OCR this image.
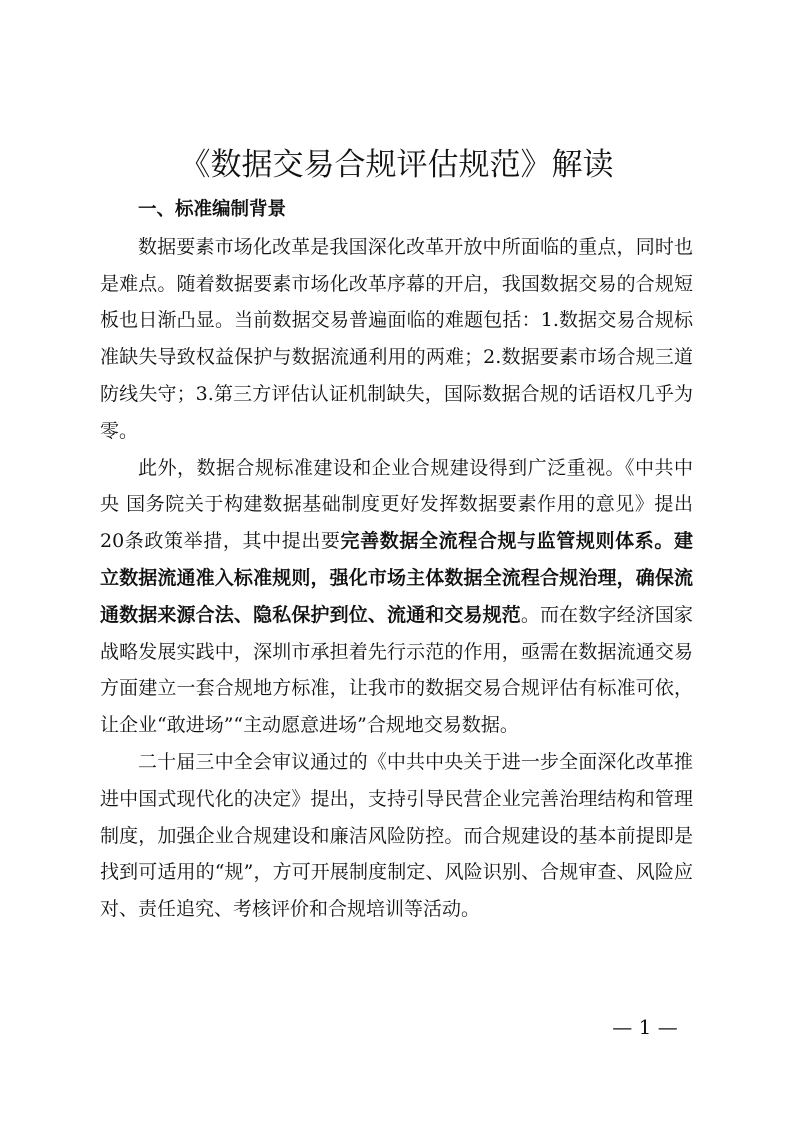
《数据交易合规评估规范》解读
一、标准编制背景

数据要素市场化改革是我国深化改革开放中所面临的重点，同时也是难点。随着数据要素市场化改革序幕的开启，我国数据交易的合规短板也日渐凸显。当前数据交易普遍面临的难题包括：1.数据交易合规标准缺失导致权益保护与数据流通利用的两难；2.数据要素市场合规三道防线失守；3.第三方评估认证机制缺失，国际数据合规的话语权几乎为零。

此外，数据合规标准建设和企业合规建设得到广泛重视。《中共中央 国务院关于构建数据基础制度更好发挥数据要素作用的意见》提出20条政策举措，其中提出要完善数据全流程合规与监管规则体系。建立数据流通准入标准规则，强化市场主体数据全流程合规治理，确保流通数据来源合法、隐私保护到位、流通和交易规范。而在数字经济国家战略发展实践中，深圳市承担着先行示范的作用，亟需在数据流通交易方面建立一套合规地方标准，让我市的数据交易合规评估有标准可依，让企业“敢进场”“主动愿意进场”合规地交易数据。

二十届三中全会审议通过的《中共中央关于进一步全面深化改革推进中国式现代化的决定》提出，支持引导民营企业完善治理结构和管理制度，加强企业合规建设和廉洁风险防控。而合规建设的基本前提即是找到可适用的“规”，方可开展制度制定、风险识别、合规审查、风险应对、责任追究、考核评价和合规培训等活动。

— 1 —
